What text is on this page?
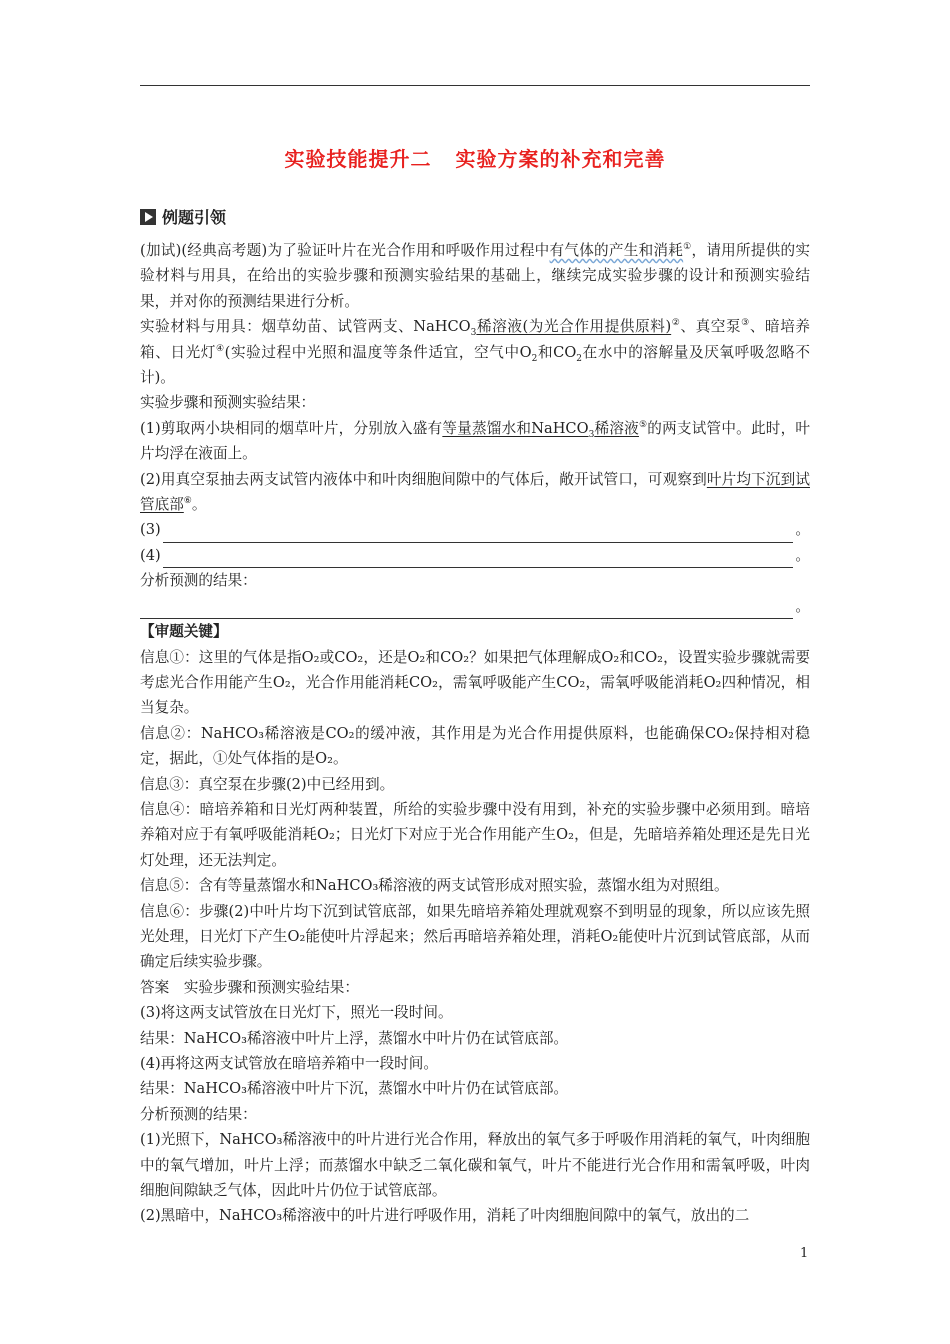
实验技能提升二 实验方案的补充和完善
例题引领

(加试)(经典高考题)为了验证叶片在光合作用和呼吸作用过程中有气体的产生和消耗①，请用所提供的实验材料与用具，在给出的实验步骤和预测实验结果的基础上，继续完成实验步骤的设计和预测实验结果，并对你的预测结果进行分析。

实验材料与用具：烟草幼苗、试管两支、NaHCO$_3$稀溶液(为光合作用提供原料)②、真空泵③、暗培养箱、日光灯④(实验过程中光照和温度等条件适宜，空气中$O_2$和$CO_2$在水中的溶解量及厌氧呼吸忽略不计)。

实验步骤和预测实验结果：

(1)剪取两小块相同的烟草叶片，分别放入盛有等量蒸馏水和NaHCO$_3$稀溶液⑤的两支试管中。此时，叶片均浮在液面上。

(2)用真空泵抽去两支试管内液体中和叶肉细胞间隙中的气体后，敞开试管口，可观察到叶片均下沉到试管底部⑥。

(3)	。
(4)	。

分析预测的结果：

。

【审题关键】

信息①：这里的气体是指O₂或CO₂，还是O₂和CO₂？如果把气体理解成O₂和CO₂，设置实验步骤就需要考虑光合作用能产生O₂，光合作用能消耗CO₂，需氧呼吸能产生CO₂，需氧呼吸能消耗O₂四种情况，相当复杂。

信息②：NaHCO₃稀溶液是CO₂的缓冲液，其作用是为光合作用提供原料，也能确保CO₂保持相对稳定，据此，①处气体指的是O₂。

信息③：真空泵在步骤(2)中已经用到。

信息④：暗培养箱和日光灯两种装置，所给的实验步骤中没有用到，补充的实验步骤中必须用到。暗培养箱对应于有氧呼吸能消耗O₂；日光灯下对应于光合作用能产生O₂，但是，先暗培养箱处理还是先日光灯处理，还无法判定。

信息⑤：含有等量蒸馏水和NaHCO₃稀溶液的两支试管形成对照实验，蒸馏水组为对照组。

信息⑥：步骤(2)中叶片均下沉到试管底部，如果先暗培养箱处理就观察不到明显的现象，所以应该先照光处理，日光灯下产生O₂能使叶片浮起来；然后再暗培养箱处理，消耗O₂能使叶片沉到试管底部，从而确定后续实验步骤。

答案　实验步骤和预测实验结果：

(3)将这两支试管放在日光灯下，照光一段时间。

结果：NaHCO₃稀溶液中叶片上浮，蒸馏水中叶片仍在试管底部。

(4)再将这两支试管放在暗培养箱中一段时间。

结果：NaHCO₃稀溶液中叶片下沉，蒸馏水中叶片仍在试管底部。

分析预测的结果：

(1)光照下，NaHCO₃稀溶液中的叶片进行光合作用，释放出的氧气多于呼吸作用消耗的氧气，叶肉细胞中的氧气增加，叶片上浮；而蒸馏水中缺乏二氧化碳和氧气，叶片不能进行光合作用和需氧呼吸，叶肉细胞间隙缺乏气体，因此叶片仍位于试管底部。

(2)黑暗中，NaHCO₃稀溶液中的叶片进行呼吸作用，消耗了叶肉细胞间隙中的氧气，放出的二

1
